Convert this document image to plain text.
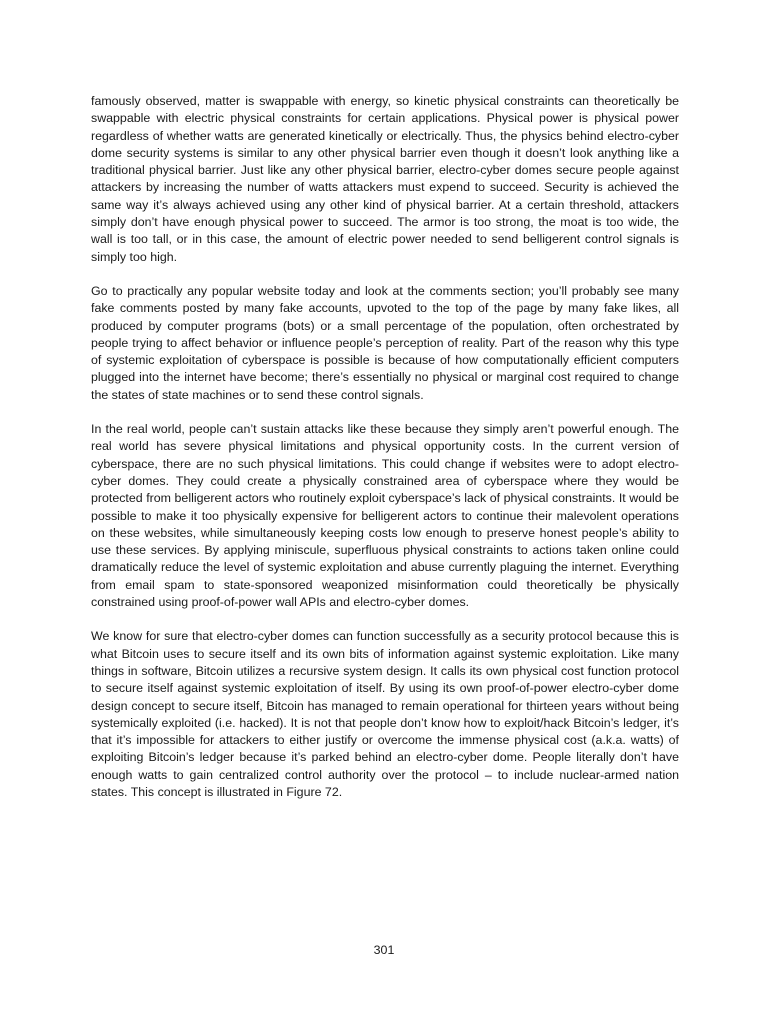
famously observed, matter is swappable with energy, so kinetic physical constraints can theoretically be swappable with electric physical constraints for certain applications. Physical power is physical power regardless of whether watts are generated kinetically or electrically. Thus, the physics behind electro-cyber dome security systems is similar to any other physical barrier even though it doesn’t look anything like a traditional physical barrier. Just like any other physical barrier, electro-cyber domes secure people against attackers by increasing the number of watts attackers must expend to succeed. Security is achieved the same way it’s always achieved using any other kind of physical barrier. At a certain threshold, attackers simply don’t have enough physical power to succeed. The armor is too strong, the moat is too wide, the wall is too tall, or in this case, the amount of electric power needed to send belligerent control signals is simply too high.

Go to practically any popular website today and look at the comments section; you’ll probably see many fake comments posted by many fake accounts, upvoted to the top of the page by many fake likes, all produced by computer programs (bots) or a small percentage of the population, often orchestrated by people trying to affect behavior or influence people’s perception of reality. Part of the reason why this type of systemic exploitation of cyberspace is possible is because of how computationally efficient computers plugged into the internet have become; there’s essentially no physical or marginal cost required to change the states of state machines or to send these control signals.

In the real world, people can’t sustain attacks like these because they simply aren’t powerful enough. The real world has severe physical limitations and physical opportunity costs. In the current version of cyberspace, there are no such physical limitations. This could change if websites were to adopt electro-cyber domes. They could create a physically constrained area of cyberspace where they would be protected from belligerent actors who routinely exploit cyberspace’s lack of physical constraints. It would be possible to make it too physically expensive for belligerent actors to continue their malevolent operations on these websites, while simultaneously keeping costs low enough to preserve honest people’s ability to use these services. By applying miniscule, superfluous physical constraints to actions taken online could dramatically reduce the level of systemic exploitation and abuse currently plaguing the internet. Everything from email spam to state-sponsored weaponized misinformation could theoretically be physically constrained using proof-of-power wall APIs and electro-cyber domes.

We know for sure that electro-cyber domes can function successfully as a security protocol because this is what Bitcoin uses to secure itself and its own bits of information against systemic exploitation. Like many things in software, Bitcoin utilizes a recursive system design. It calls its own physical cost function protocol to secure itself against systemic exploitation of itself. By using its own proof-of-power electro-cyber dome design concept to secure itself, Bitcoin has managed to remain operational for thirteen years without being systemically exploited (i.e. hacked). It is not that people don’t know how to exploit/hack Bitcoin’s ledger, it’s that it’s impossible for attackers to either justify or overcome the immense physical cost (a.k.a. watts) of exploiting Bitcoin’s ledger because it’s parked behind an electro-cyber dome. People literally don’t have enough watts to gain centralized control authority over the protocol – to include nuclear-armed nation states. This concept is illustrated in Figure 72.

301
